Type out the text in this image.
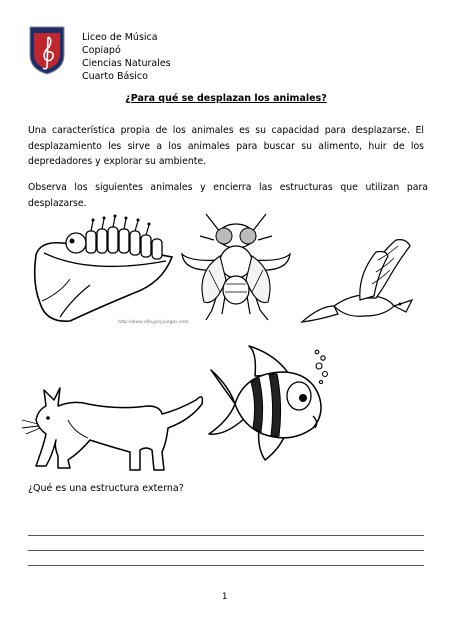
Liceo de Música
Copiapó
Ciencias Naturales
Cuarto Básico
¿Para qué se desplazan los animales?
Una característica propia de los animales es su capacidad para desplazarse. El desplazamiento les sirve a los animales para buscar su alimento, huir de los depredadores y explorar su ambiente.
Observa los siguientes animales y encierra las estructuras que utilizan para desplazarse.
http://www.dibujosyjuegos.com
¿Qué es una estructura externa?
1
